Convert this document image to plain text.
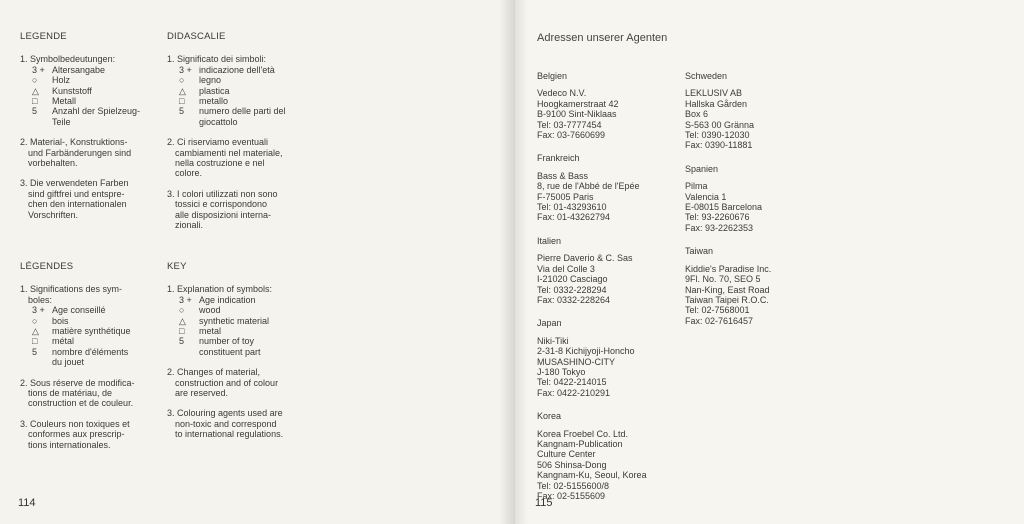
LEGENDE
1. Symbolbedeutungen:
3 + Altersangabe
○	Holz
△	Kunststoff
□	Metall
5	Anzahl der Spielzeug-
Teile
2. Material-, Konstruktions-
und Farbänderungen sind
vorbehalten.
3. Die verwendeten Farben
sind giftfrei und entspre-
chen den internationalen
Vorschriften.
DIDASCALIE
1. Significato dei simboli:
3 + indicazione dell'età
○	legno
△	plastica
□	metallo
5	numero delle parti del
giocattolo
2. Ci riserviamo eventuali
cambiamenti nel materiale,
nella costruzione e nel
colore.
3. I colori utilizzati non sono
tossici e corrispondono
alle disposizioni interna-
zionali.
LÉGENDES
1. Significations des sym-
boles:
3 + Age conseillé
○	bois
△	matière synthétique
□	métal
5	nombre d'éléments
du jouet
2. Sous réserve de modifica-
tions de matériau, de
construction et de couleur.
3. Couleurs non toxiques et
conformes aux prescrip-
tions internationales.
KEY
1. Explanation of symbols:
3 + Age indication
○	wood
△	synthetic material
□	metal
5	number of toy
constituent part
2. Changes of material,
construction and of colour
are reserved.
3. Colouring agents used are
non-toxic and correspond
to international regulations.
114
Adressen unserer Agenten
Belgien
Vedeco N.V.
Hoogkamerstraat 42
B-9100 Sint-Niklaas
Tel: 03-7777454
Fax: 03-7660699
Frankreich
Bass & Bass
8, rue de l'Abbé de l'Epée
F-75005 Paris
Tel: 01-43293610
Fax: 01-43262794
Italien
Pierre Daverio & C. Sas
Via del Colle 3
I-21020 Casciago
Tel: 0332-228294
Fax: 0332-228264
Japan
Niki-Tiki
2-31-8 Kichijyoji-Honcho
MUSASHINO-CITY
J-180 Tokyo
Tel: 0422-214015
Fax: 0422-210291
Korea
Korea Froebel Co. Ltd.
Kangnam-Publication
Culture Center
506 Shinsa-Dong
Kangnam-Ku, Seoul, Korea
Tel: 02-5155600/8
Fax: 02-5155609
Schweden
LEKLUSIV AB
Hallska Gården
Box 6
S-563 00 Gränna
Tel: 0390-12030
Fax: 0390-11881
Spanien
Pilma
Valencia 1
E-08015 Barcelona
Tel: 93-2260676
Fax: 93-2262353
Taiwan
Kiddie's Paradise Inc.
9Fl. No. 70, SEO 5
Nan-King, East Road
Taiwan Taipei R.O.C.
Tel: 02-7568001
Fax: 02-7616457
115
